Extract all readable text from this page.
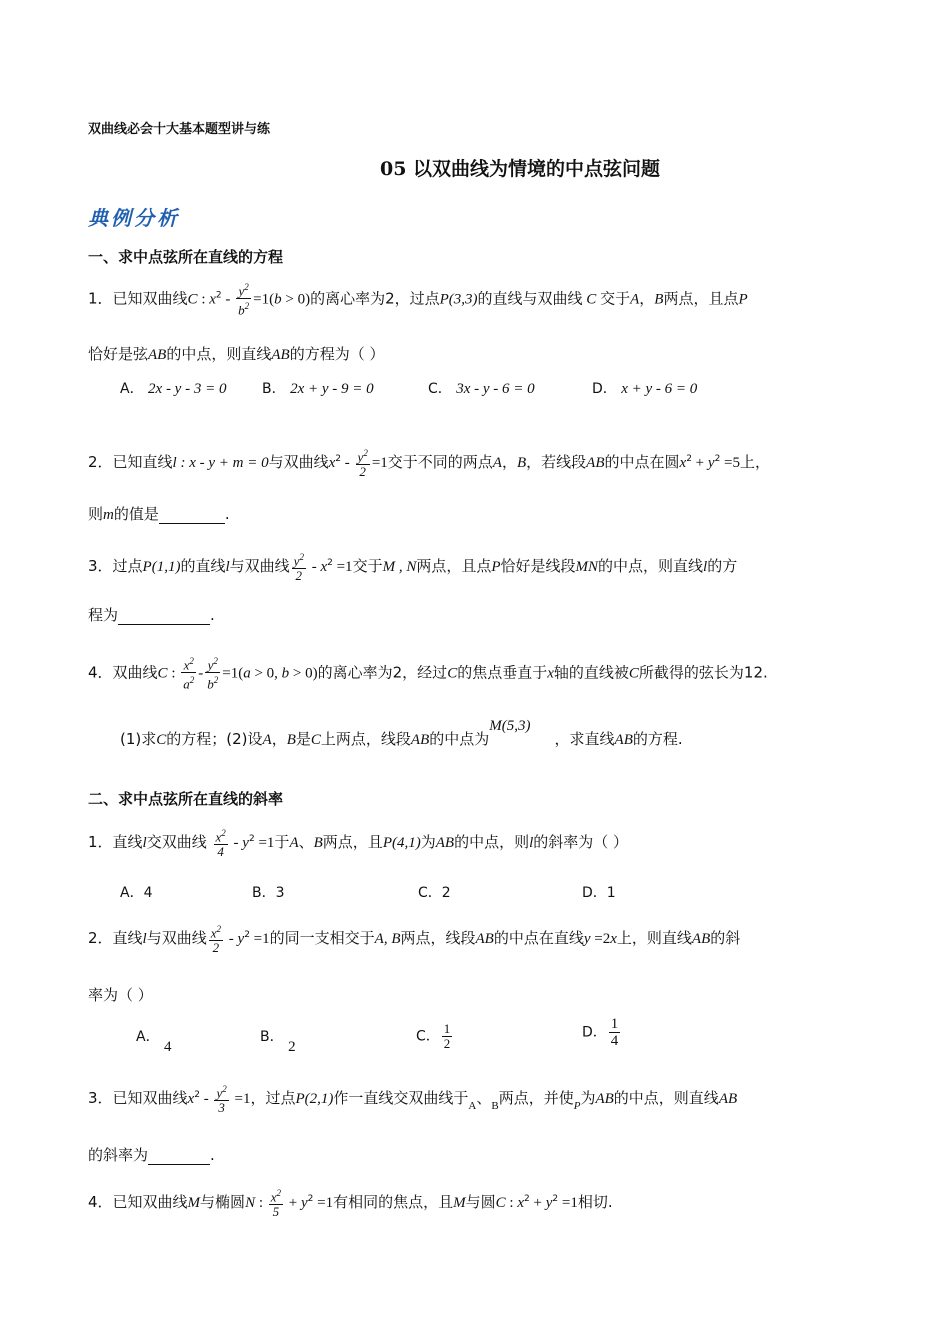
双曲线必会十大基本题型讲与练
05 以双曲线为情境的中点弦问题
典例分析
一、求中点弦所在直线的方程
1．已知双曲线C : $x^2 - \frac{y^2}{b^2} =1(b > 0)$的离心率为2，过点P(3,3)的直线与双曲线 C 交于A，B两点，且点P
恰好是弦AB的中点，则直线AB的方程为（ ）
A． 2x - y - 3 = 0	B． 2x + y - 9 = 0	C． 3x - y - 6 = 0	D． x + y - 6 = 0
2．已知直线l : x - y + m = 0与双曲线$x^2 - \frac{y^2}{2} =1$交于不同的两点A，B，若线段AB的中点在圆$x^2 + y^2 =5$上，
则m的值是	.
3．过点P(1,1)的直线l与双曲线 $\frac{y^2}{2} - x^2 =1$交于M , N两点，且点P恰好是线段MN的中点，则直线l的方
程为	.
4．双曲线C : $\frac{x^2}{a^2} - \frac{y^2}{b^2} =1(a > 0$, b > 0)的离心率为2，经过C的焦点垂直于x轴的直线被C所截得的弦长为12.
(1)求C的方程；(2)设A，B是C上两点，线段AB的中点为M(5,3)，求直线AB的方程.
二、求中点弦所在直线的斜率
1．直线l交双曲线 $\frac{x^2}{4} - y^2 =1$于A、B两点，且P(4,1)为AB的中点，则l的斜率为（ ）
A．4	B．3	C．2	D．1
2．直线l与双曲线 $\frac{x^2}{2} - y^2 =1$的同一支相交于A, B两点，线段AB的中点在直线y =2x上，则直线AB的斜
率为（ ）
A． 4
B． 2
C． $\frac{1}{2}$	D． $\frac{1}{4}$
3．已知双曲线$x^2 - \frac{y^2}{3} =1$，过点P(2,1)作一直线交双曲线于$_A$、$_B$两点，并使$_P$为AB的中点，则直线AB
的斜率为	.
4．已知双曲线M与椭圆N : $\frac{x^2}{5} + y^2 =1$有相同的焦点，且M与圆C : $x^2 + y^2 =1$相切.
